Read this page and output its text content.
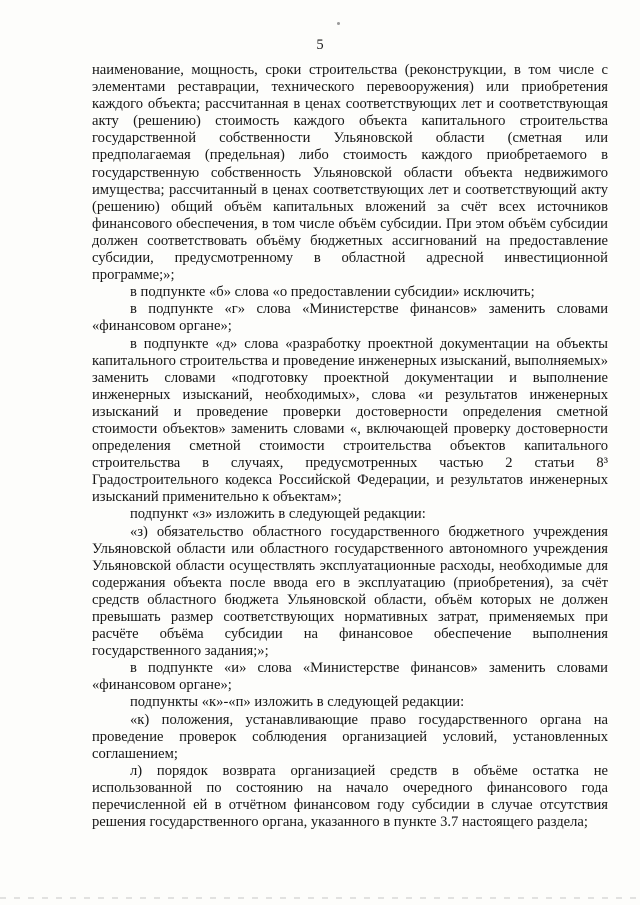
5

наименование, мощность, сроки строительства (реконструкции, в том числе с элементами реставрации, технического перевооружения) или приобретения каждого объекта; рассчитанная в ценах соответствующих лет и соответствующая акту (решению) стоимость каждого объекта капитального строительства государственной собственности Ульяновской области (сметная или предполагаемая (предельная) либо стоимость каждого приобретаемого в государственную собственность Ульяновской области объекта недвижимого имущества; рассчитанный в ценах соответствующих лет и соответствующий акту (решению) общий объём капитальных вложений за счёт всех источников финансового обеспечения, в том числе объём субсидии. При этом объём субсидии должен соответствовать объёму бюджетных ассигнований на предоставление субсидии, предусмотренному в областной адресной инвестиционной программе;»;

в подпункте «б» слова «о предоставлении субсидии» исключить;

в подпункте «г» слова «Министерстве финансов» заменить словами «финансовом органе»;

в подпункте «д» слова «разработку проектной документации на объекты капитального строительства и проведение инженерных изысканий, выполняемых» заменить словами «подготовку проектной документации и выполнение инженерных изысканий, необходимых», слова «и результатов инженерных изысканий и проведение проверки достоверности определения сметной стоимости объектов» заменить словами «, включающей проверку достоверности определения сметной стоимости строительства объектов капитального строительства в случаях, предусмотренных частью 2 статьи 8³ Градостроительного кодекса Российской Федерации, и результатов инженерных изысканий применительно к объектам»;

подпункт «з» изложить в следующей редакции:

«з) обязательство областного государственного бюджетного учреждения Ульяновской области или областного государственного автономного учреждения Ульяновской области осуществлять эксплуатационные расходы, необходимые для содержания объекта после ввода его в эксплуатацию (приобретения), за счёт средств областного бюджета Ульяновской области, объём которых не должен превышать размер соответствующих нормативных затрат, применяемых при расчёте объёма субсидии на финансовое обеспечение выполнения государственного задания;»;

в подпункте «и» слова «Министерстве финансов» заменить словами «финансовом органе»;

подпункты «к»-«п» изложить в следующей редакции:

«к) положения, устанавливающие право государственного органа на проведение проверок соблюдения организацией условий, установленных соглашением;

л) порядок возврата организацией средств в объёме остатка не использованной по состоянию на начало очередного финансового года перечисленной ей в отчётном финансовом году субсидии в случае отсутствия решения государственного органа, указанного в пункте 3.7 настоящего раздела;
